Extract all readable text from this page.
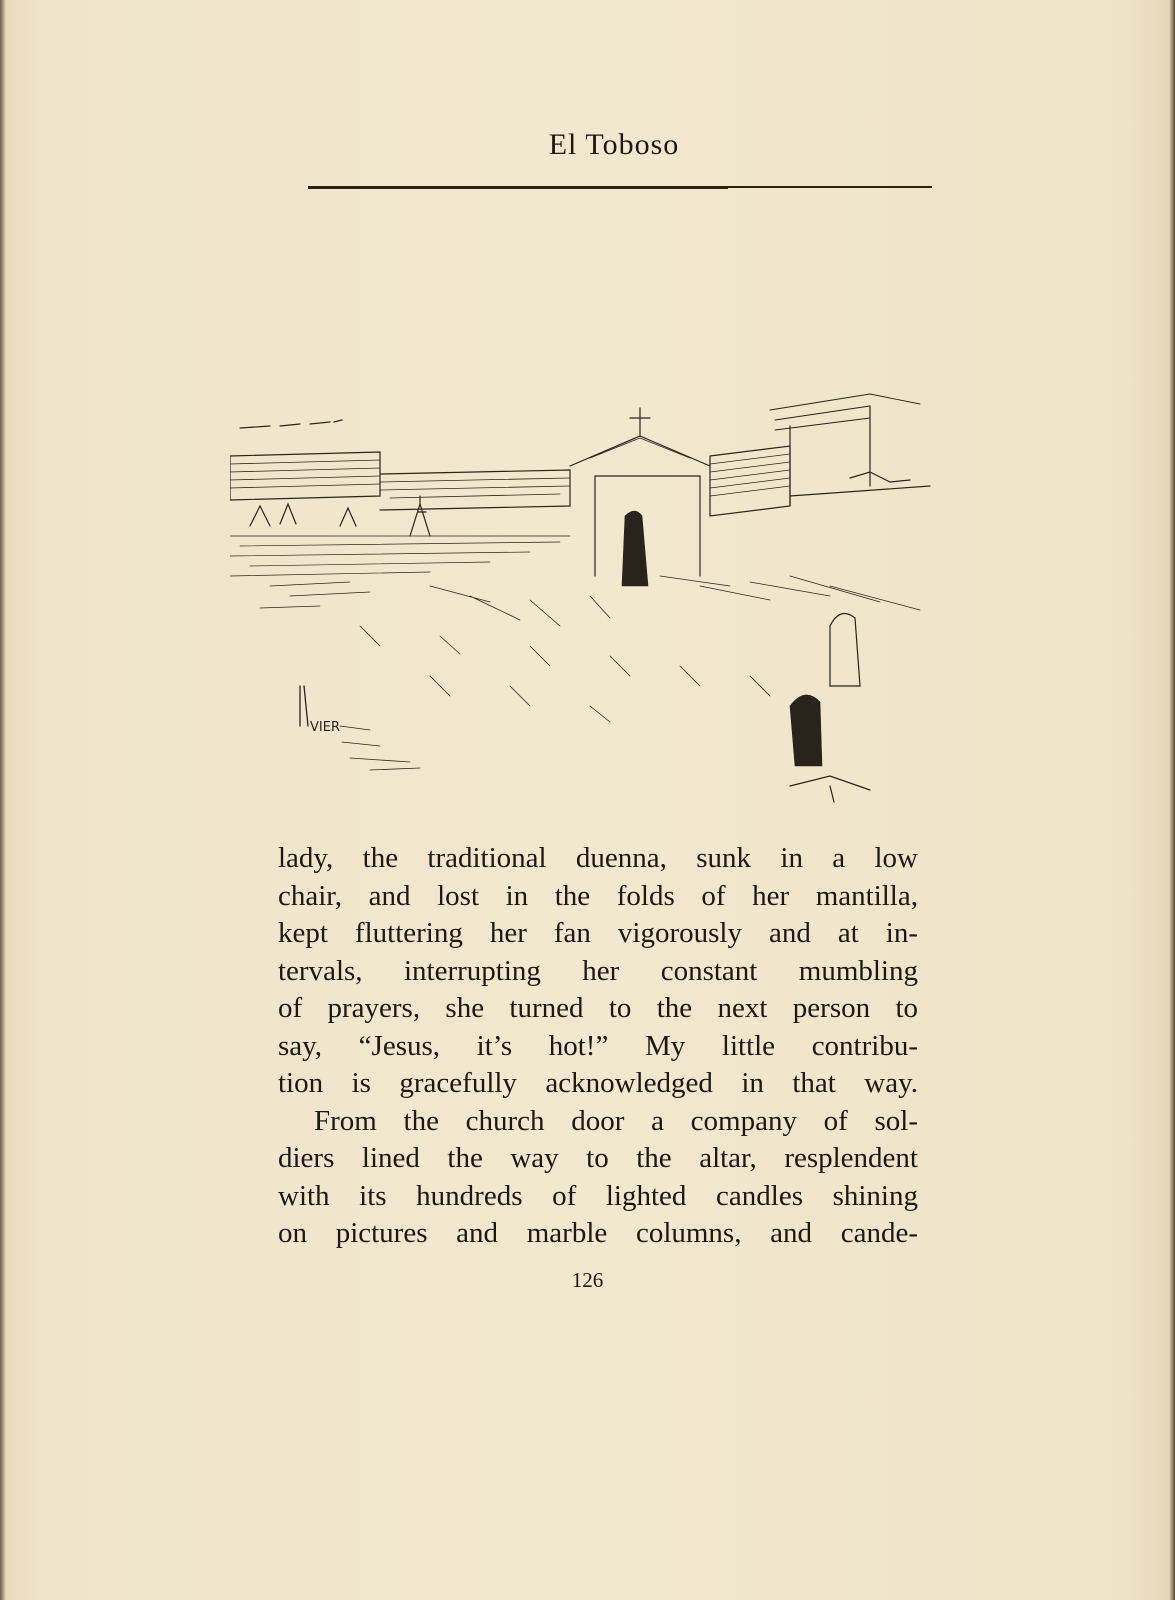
El Toboso
VIER
lady, the traditional duenna, sunk in a low
chair, and lost in the folds of her mantilla,
kept fluttering her fan vigorously and at in-
tervals, interrupting her constant mumbling
of prayers, she turned to the next person to
say, “Jesus, it’s hot!” My little contribu-
tion is gracefully acknowledged in that way.
From the church door a company of sol-
diers lined the way to the altar, resplendent
with its hundreds of lighted candles shining
on pictures and marble columns, and cande-
126
